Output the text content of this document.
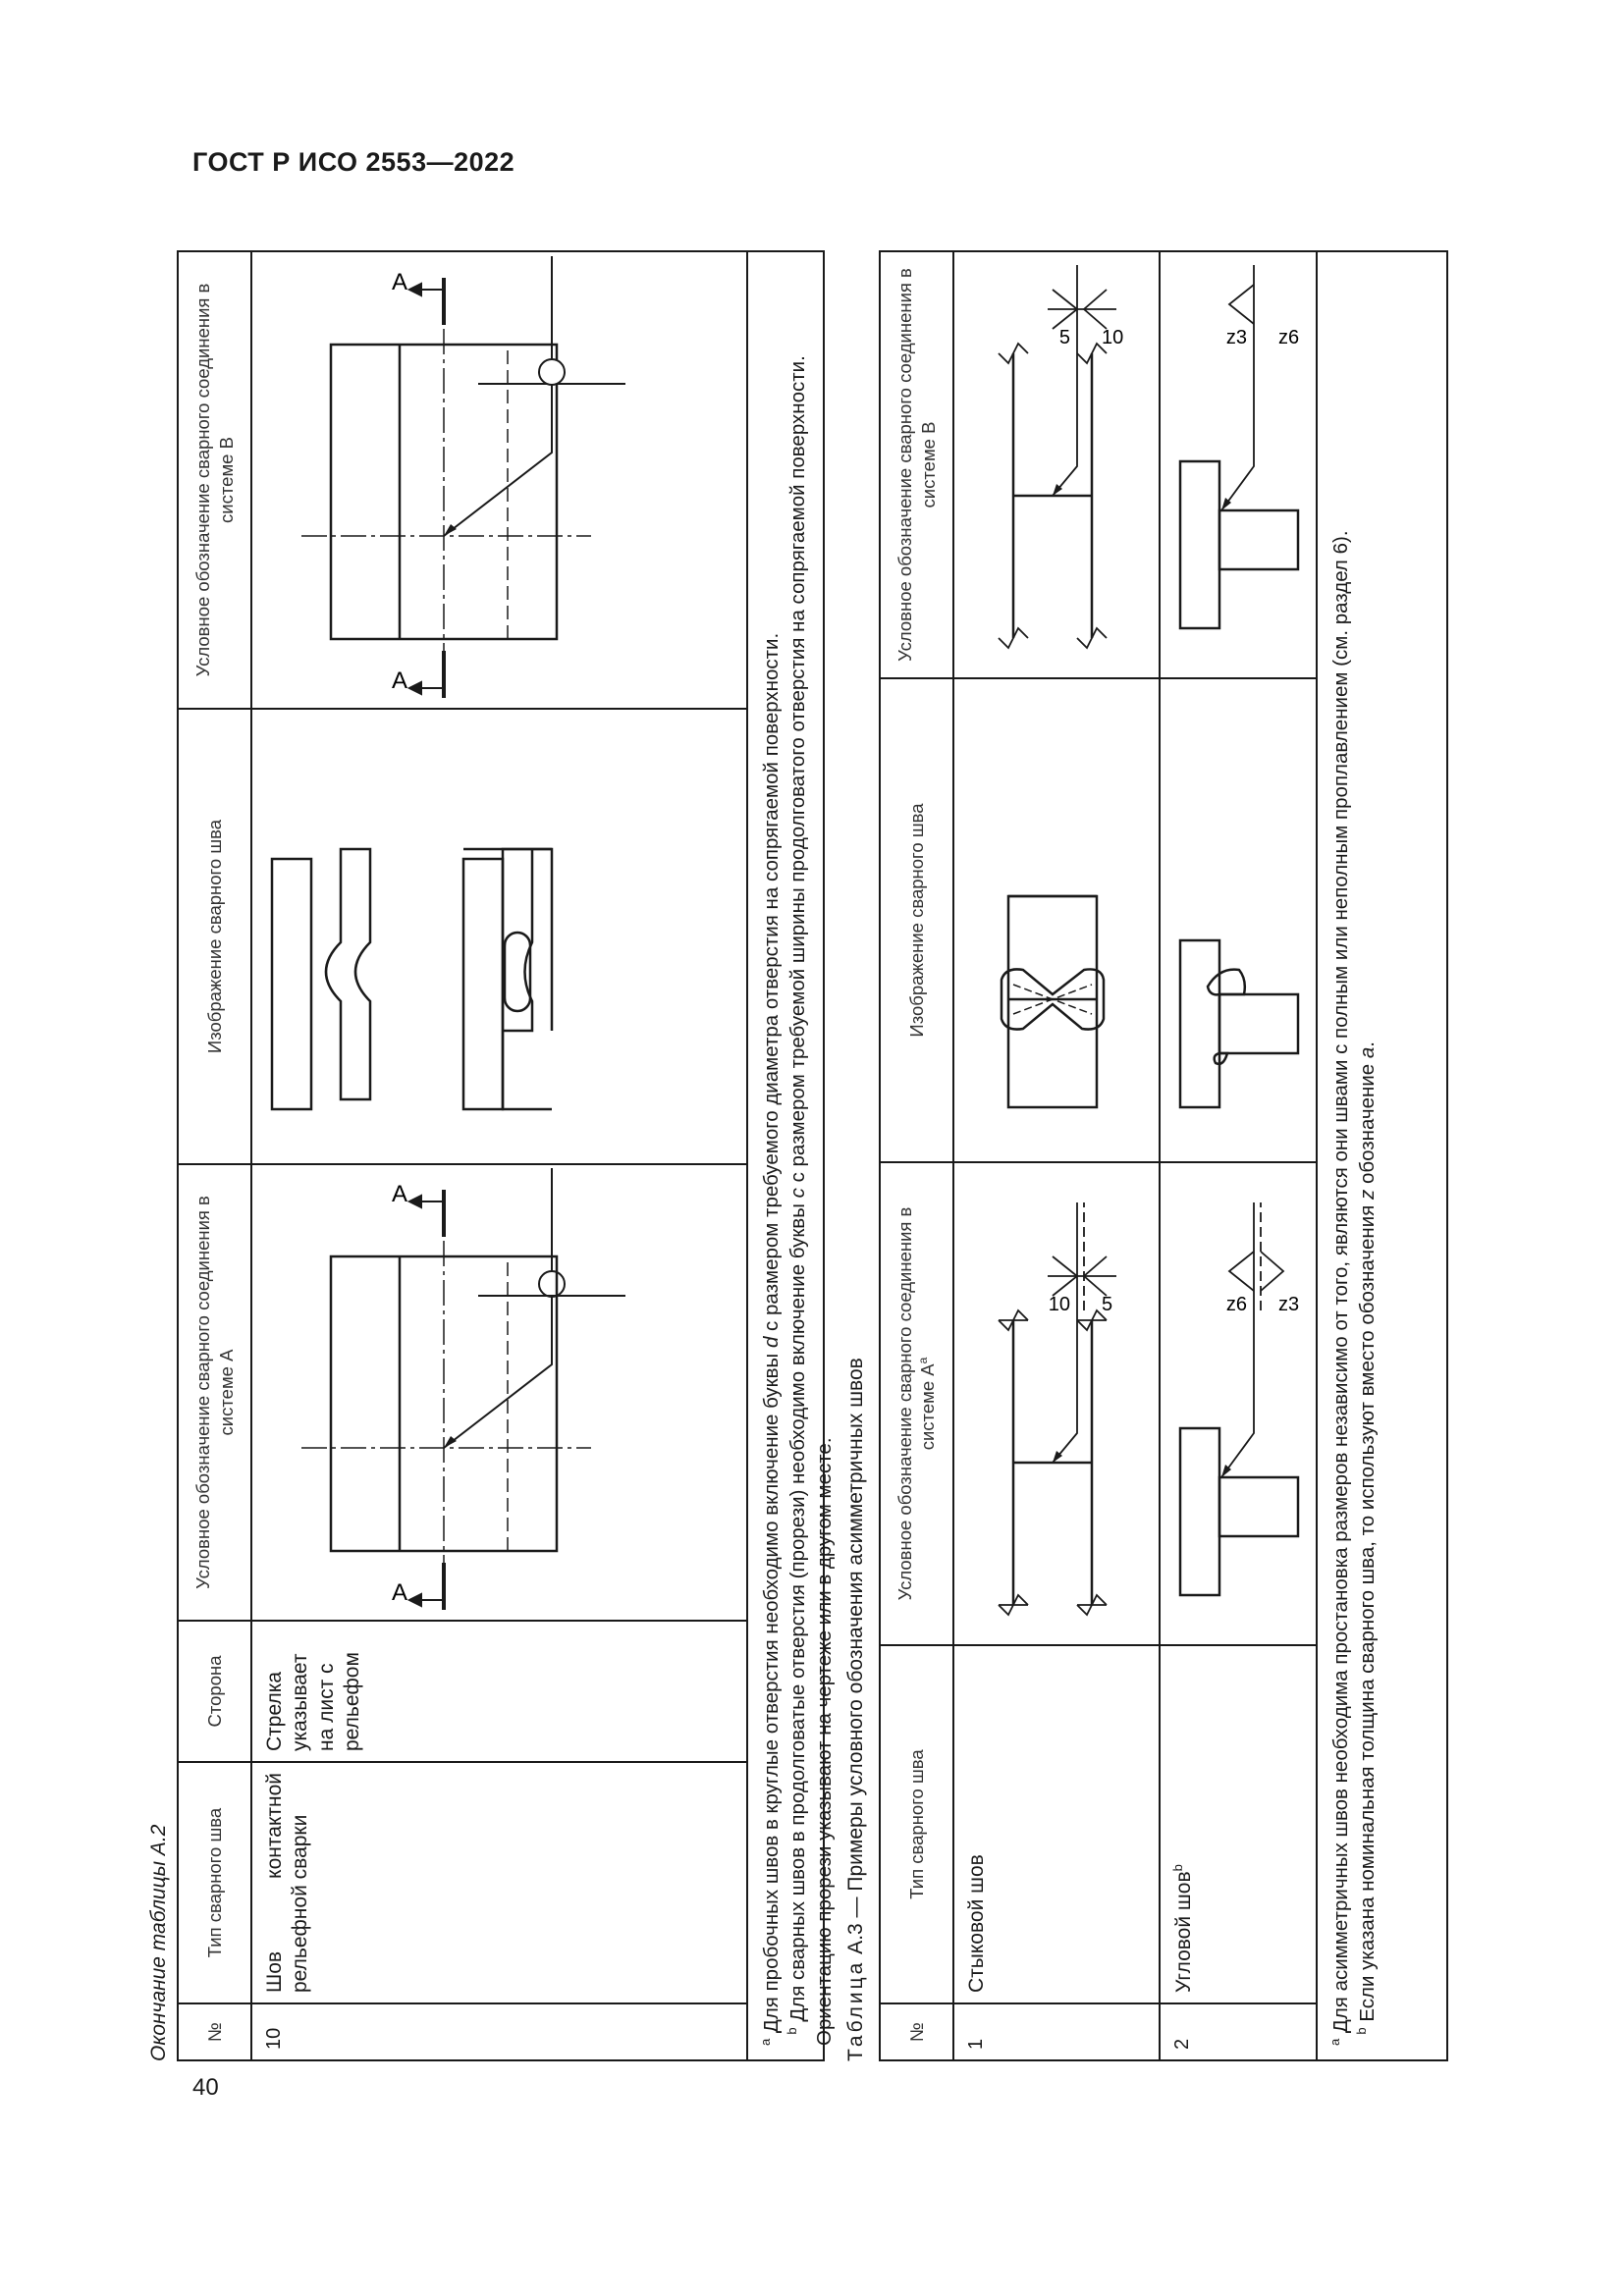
ГОСТ Р ИСО 2553—2022
40
Окончание таблицы А.2	№
Тип сварного шва
Сторона
Условное обозначение сварного соединения в системе А
Изображение сварного шва
Условное обозначение сварного соединения в системе В
10
Шов контактной рельефной сварки
Стрелка указывает на лист с рельефом
А
А
А
А

$^a$ Для пробочных швов в круглые отверстия необходимо включение буквы d с размером требуемого диаметра отверстия на сопрягаемой поверхности.

$^b$ Для сварных швов в продолговатые отверстия (прорези) необходимо включение буквы c с размером требуемой ширины продолговатого отверстия на сопрягаемой поверхности. Ориентацию прорези указывают на чертеже или в другом месте. Таблица А.3 — Примеры условного обозначения асимметричных швов
№
Тип сварного шва
Условное обозначение сварного соединения в системе $А^a$
Изображение сварного шва
Условное обозначение сварного соединения в системе В
1
Стыковой шов
10 5
5 10
2
Угловой шов$^b$
z6 z3
z3 z6

$^a$ Для асимметричных швов необходима простановка размеров независимо от того, являются они швами с полным или неполным проплавлением (см. раздел 6). $^b$ Если указана номинальная толщина сварного шва, то используют вместо обозначения z обозначение a.
